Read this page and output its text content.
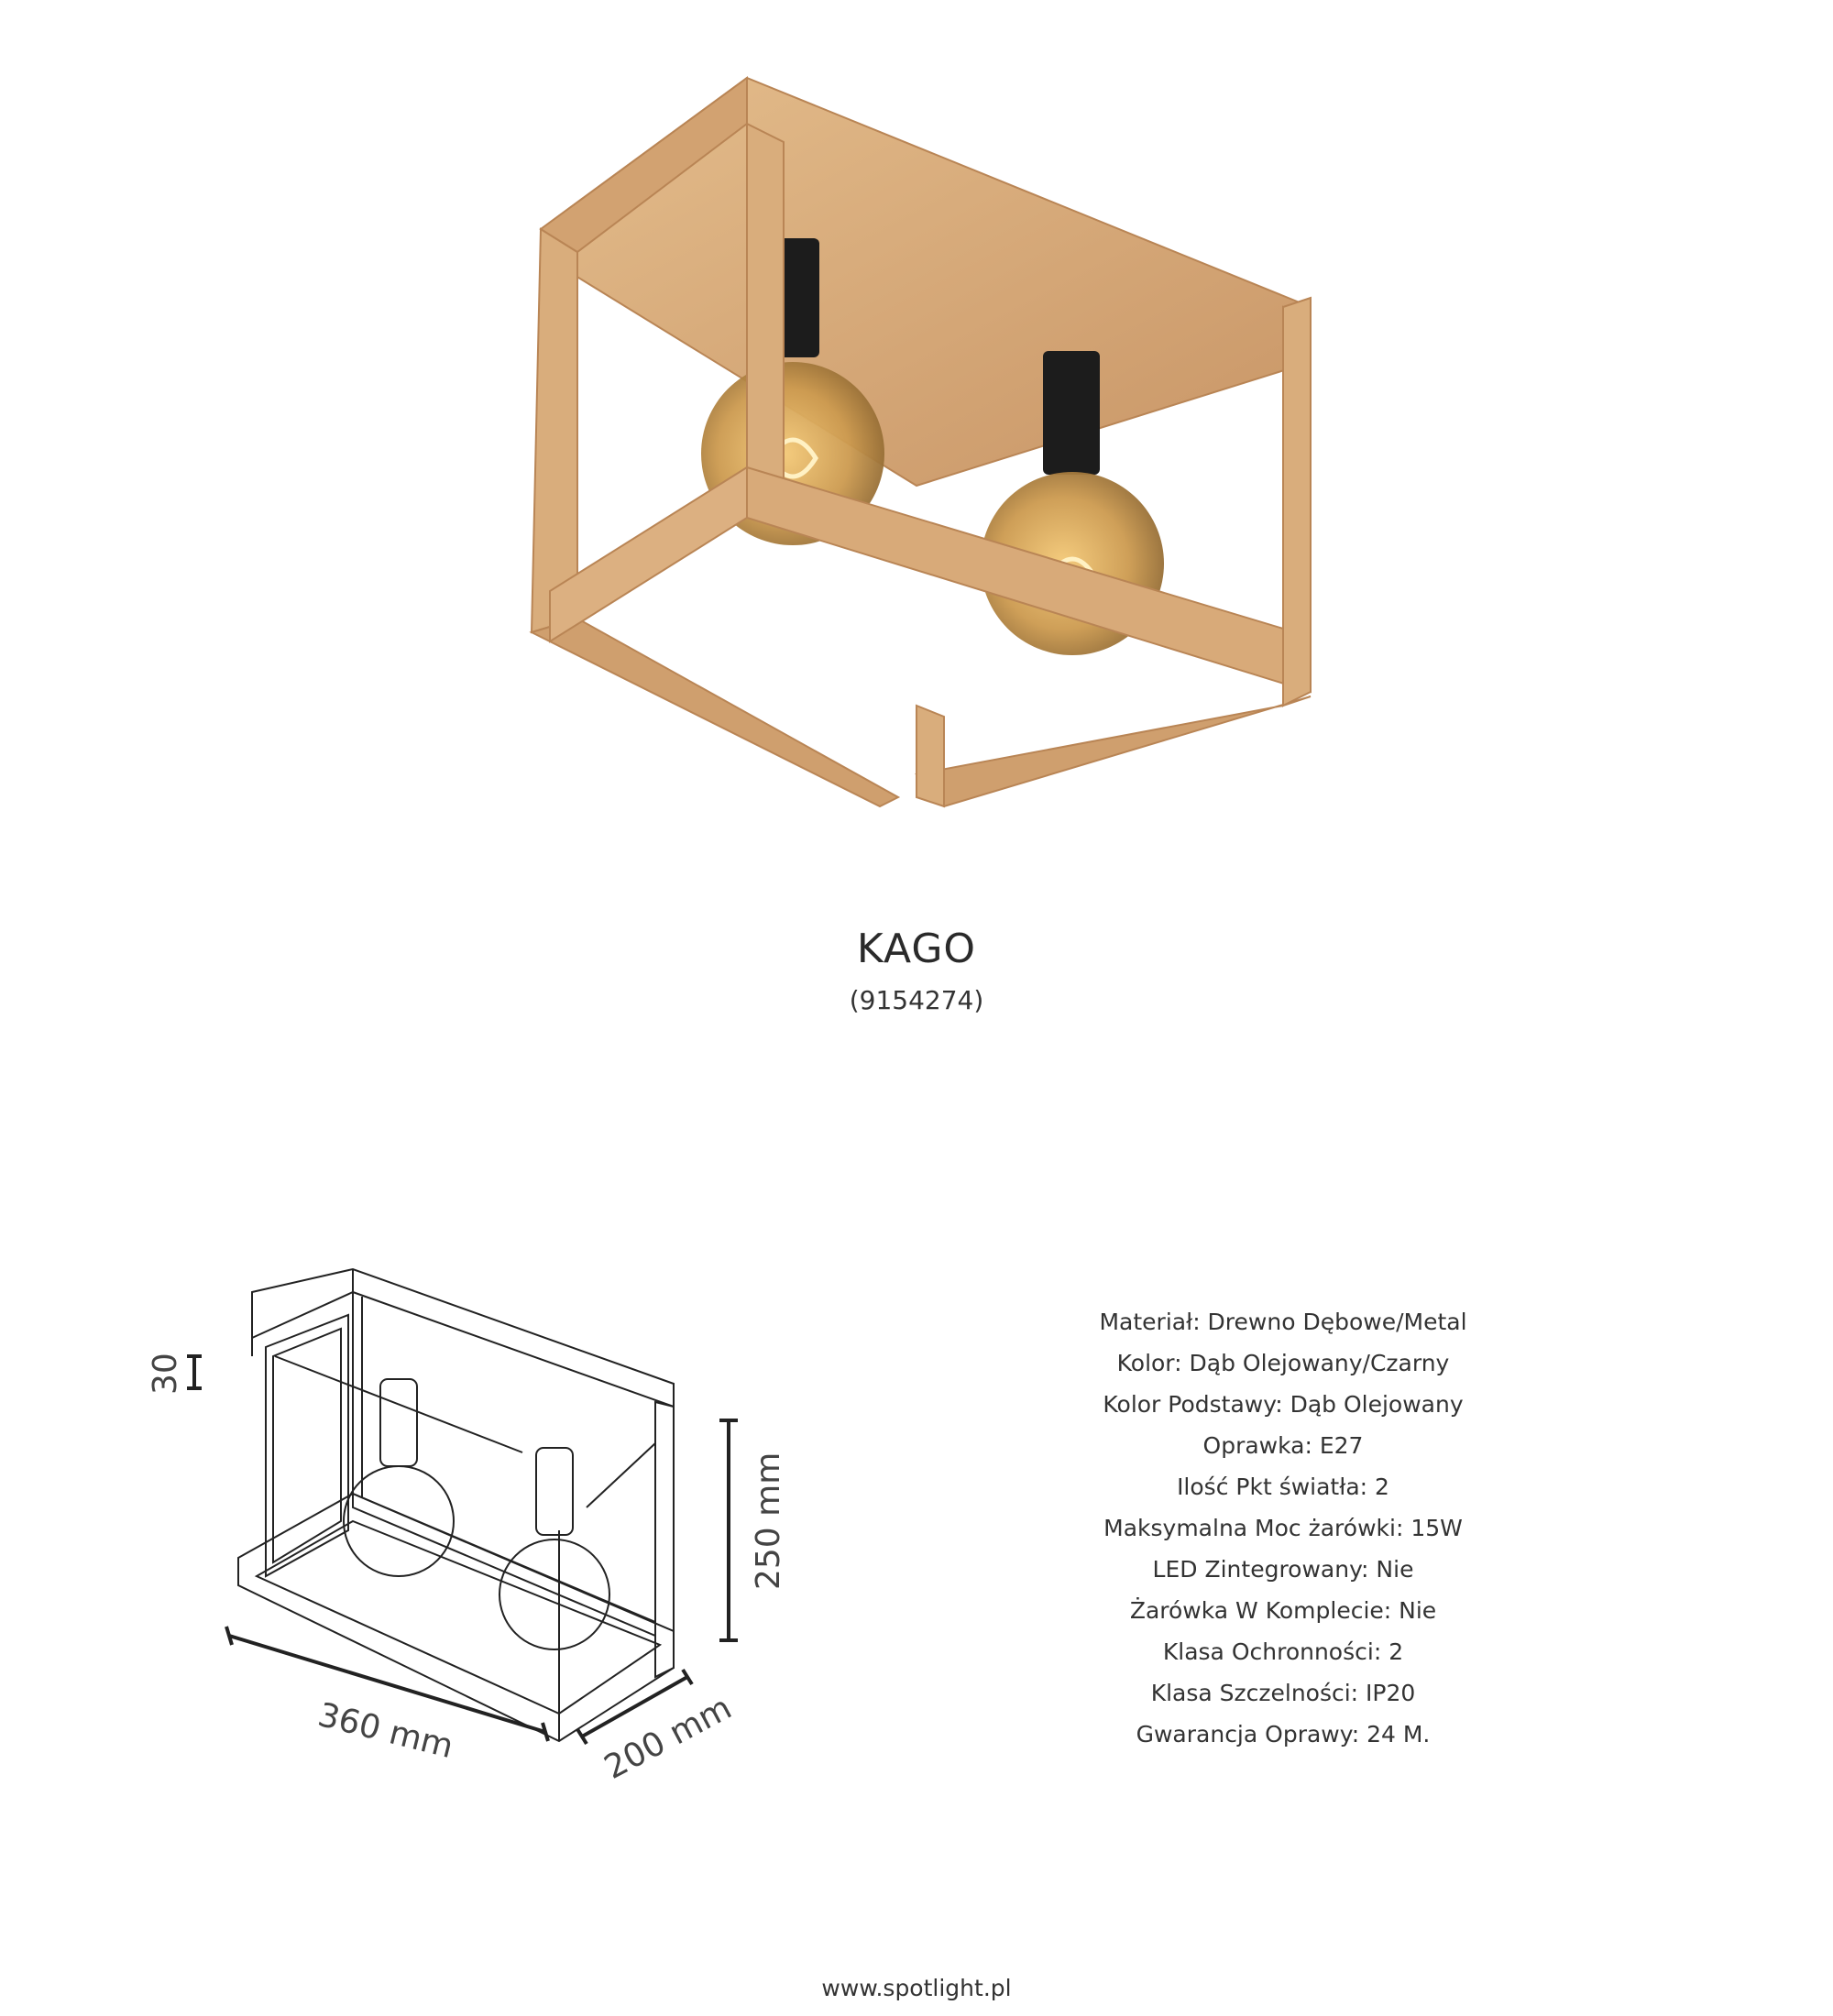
KAGO
(9154274)
30
250 mm
360 mm	200 mm
Materiał: Drewno Dębowe/Metal
Kolor: Dąb Olejowany/Czarny
Kolor Podstawy: Dąb Olejowany
Oprawka: E27
Ilość Pkt światła: 2
Maksymalna Moc żarówki: 15W
LED Zintegrowany: Nie
Żarówka W Komplecie: Nie
Klasa Ochronności: 2
Klasa Szczelności: IP20
Gwarancja Oprawy: 24 M.
www.spotlight.pl
